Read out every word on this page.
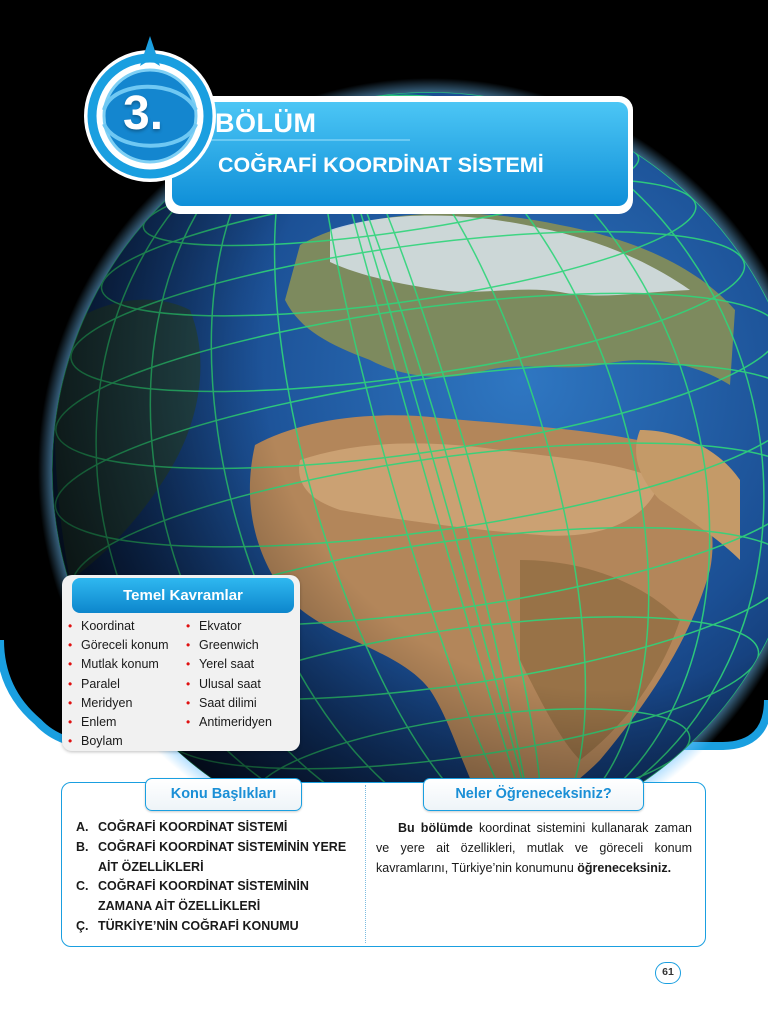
3.	BÖLÜM
COĞRAFİ KOORDİNAT SİSTEMİ
Temel Kavramlar
• Koordinat
• Göreceli konum
• Mutlak konum
• Paralel
• Meridyen
• Enlem
• Boylam
• Ekvator
• Greenwich
• Yerel saat
• Ulusal saat
• Saat dilimi
• Antimeridyen
Konu Başlıkları	Neler Öğreneceksiniz?
A. COĞRAFİ KOORDİNAT SİSTEMİ
B. COĞRAFİ KOORDİNAT SİSTEMİNİN YERE AİT ÖZELLİKLERİ
C. COĞRAFİ KOORDİNAT SİSTEMİNİN ZAMANA AİT ÖZELLİKLERİ
Ç. TÜRKİYE’NİN COĞRAFİ KONUMU

Bu bölümde koordinat sistemini kullanarak zaman ve yere ait özellikleri, mutlak ve göreceli konum kavramlarını, Türkiye’nin konumunu öğreneceksiniz.

61
